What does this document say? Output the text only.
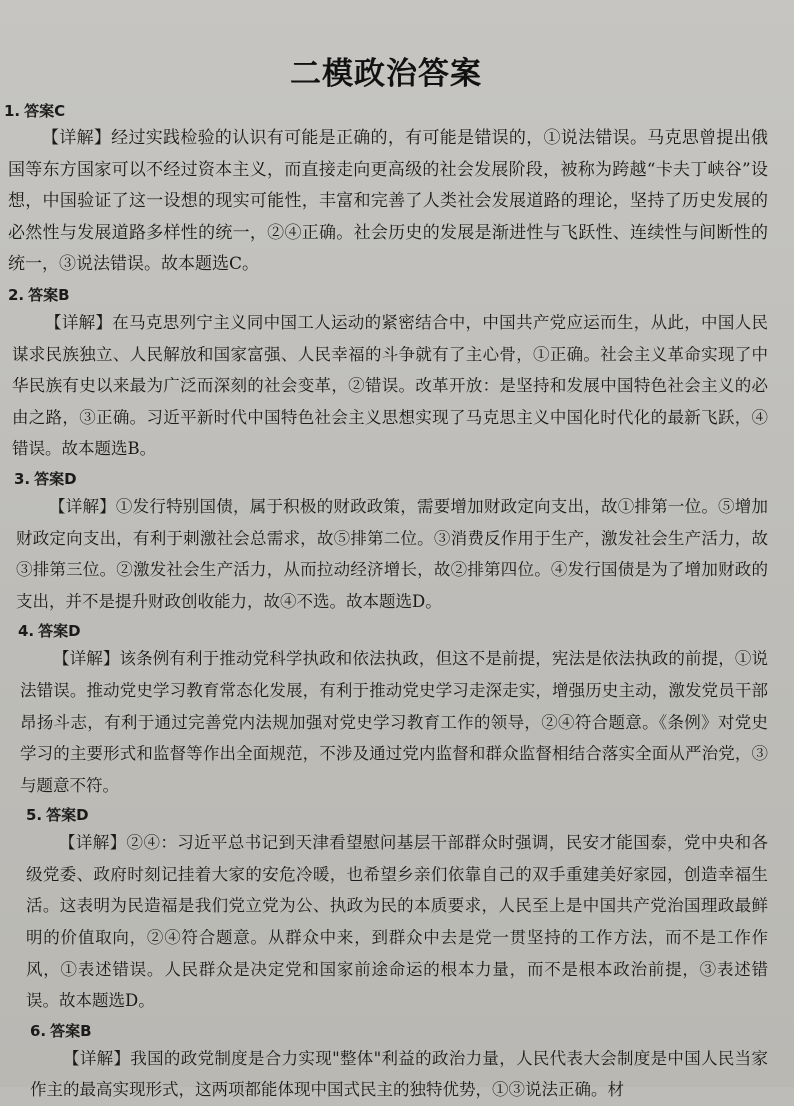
二模政治答案

1. 答案C

【详解】经过实践检验的认识有可能是正确的，有可能是错误的，①说法错误。马克思曾提出俄国等东方国家可以不经过资本主义，而直接走向更高级的社会发展阶段，被称为跨越“卡夫丁峡谷”设想，中国验证了这一设想的现实可能性，丰富和完善了人类社会发展道路的理论，坚持了历史发展的必然性与发展道路多样性的统一，②④正确。社会历史的发展是渐进性与飞跃性、连续性与间断性的统一，③说法错误。故本题选C。

2. 答案B

【详解】在马克思列宁主义同中国工人运动的紧密结合中，中国共产党应运而生，从此，中国人民谋求民族独立、人民解放和国家富强、人民幸福的斗争就有了主心骨，①正确。社会主义革命实现了中华民族有史以来最为广泛而深刻的社会变革，②错误。改革开放：是坚持和发展中国特色社会主义的必由之路，③正确。习近平新时代中国特色社会主义思想实现了马克思主义中国化时代化的最新飞跃，④错误。故本题选B。

3. 答案D

【详解】①发行特别国债，属于积极的财政政策，需要增加财政定向支出，故①排第一位。⑤增加财政定向支出，有利于刺激社会总需求，故⑤排第二位。③消费反作用于生产，激发社会生产活力，故③排第三位。②激发社会生产活力，从而拉动经济增长，故②排第四位。④发行国债是为了增加财政的支出，并不是提升财政创收能力，故④不选。故本题选D。

4. 答案D

【详解】该条例有利于推动党科学执政和依法执政，但这不是前提，宪法是依法执政的前提，①说法错误。推动党史学习教育常态化发展，有利于推动党史学习走深走实，增强历史主动，激发党员干部昂扬斗志，有利于通过完善党内法规加强对党史学习教育工作的领导，②④符合题意。《条例》对党史学习的主要形式和监督等作出全面规范，不涉及通过党内监督和群众监督相结合落实全面从严治党，③与题意不符。

5. 答案D

【详解】②④：习近平总书记到天津看望慰问基层干部群众时强调，民安才能国泰，党中央和各级党委、政府时刻记挂着大家的安危冷暖，也希望乡亲们依靠自己的双手重建美好家园，创造幸福生活。这表明为民造福是我们党立党为公、执政为民的本质要求，人民至上是中国共产党治国理政最鲜明的价值取向，②④符合题意。从群众中来，到群众中去是党一贯坚持的工作方法，而不是工作作风，①表述错误。人民群众是决定党和国家前途命运的根本力量，而不是根本政治前提，③表述错误。故本题选D。

6. 答案B

【详解】我国的政党制度是合力实现"整体"利益的政治力量，人民代表大会制度是中国人民当家作主的最高实现形式，这两项都能体现中国式民主的独特优势，①③说法正确。材
